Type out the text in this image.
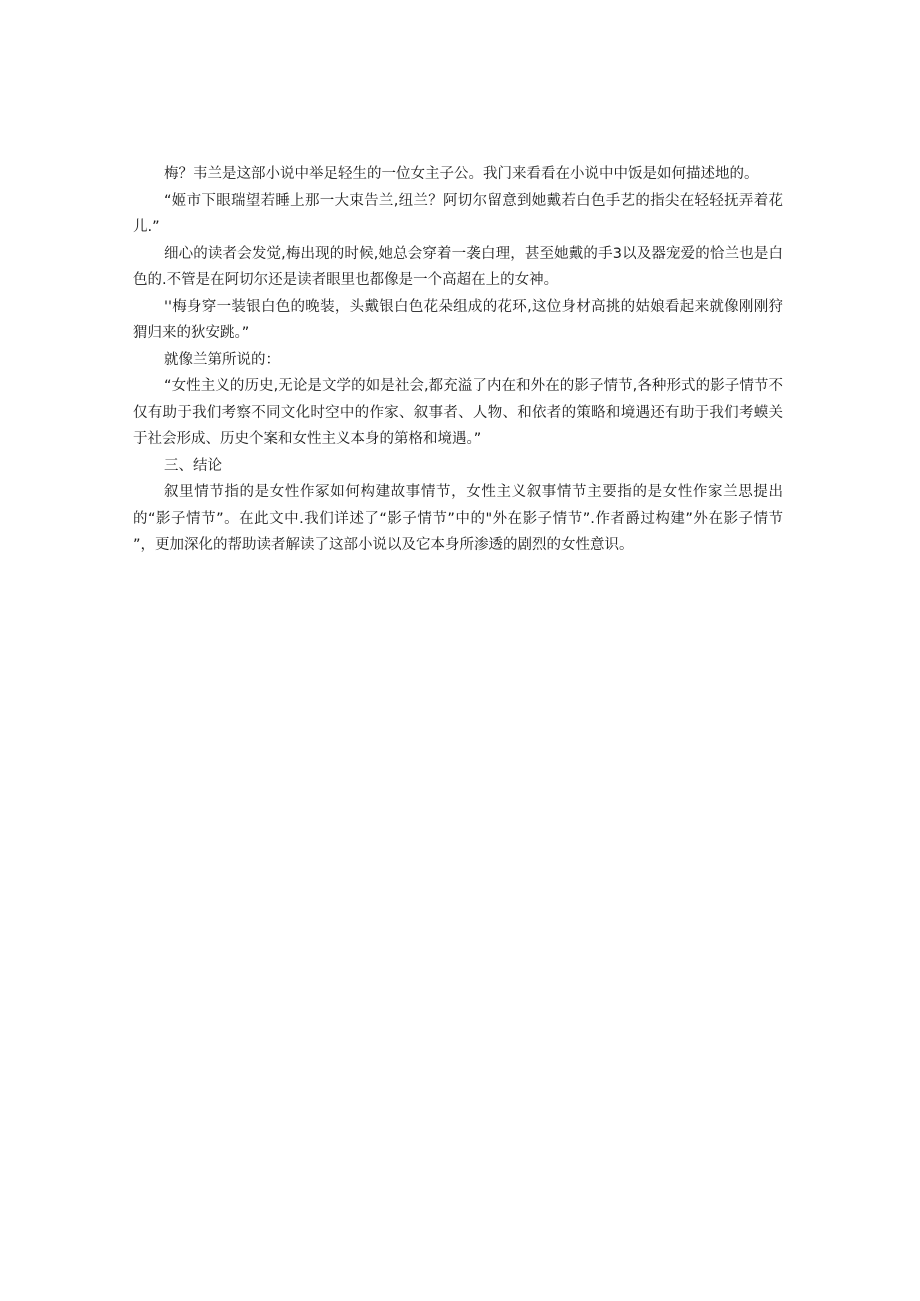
梅？韦兰是这部小说中举足轻生的一位女主子公。我门来看看在小说中中饭是如何描述地的。

“姬市下眼瑞望若睡上那一大束告兰,纽兰？阿切尔留意到她戴若白色手艺的指尖在轻轻抚弄着花儿.”

细心的读者会发觉,梅出现的时候,她总会穿着一袭白理，甚至她戴的手3以及器宠爱的恰兰也是白色的.不管是在阿切尔还是读者眼里也都像是一个高超在上的女神。

''梅身穿一装银白色的晚装，头戴银白色花朵组成的花环,这位身材高挑的姑娘看起来就像刚刚狩猬归来的狄安跳。”

就像兰第所说的：

“女性主义的历史,无论是文学的如是社会,都充溢了内在和外在的影子情节,各种形式的影子情节不仅有助于我们考察不同文化时空中的作家、叙事者、人物、和依者的策略和境遇还有助于我们考蟆关于社会形成、历史个案和女性主义本身的第格和境遇。”

三、结论

叙里情节指的是女性作冢如何构建故事情节，女性主义叙事情节主要指的是女性作家兰思提出的“影子情节”。在此文中.我们详述了“影子情节”中的"外在影子情节”.作者爵过构建”外在影子情节 ”，更加深化的帮助读者解读了这部小说以及它本身所渗透的剧烈的女性意识。
